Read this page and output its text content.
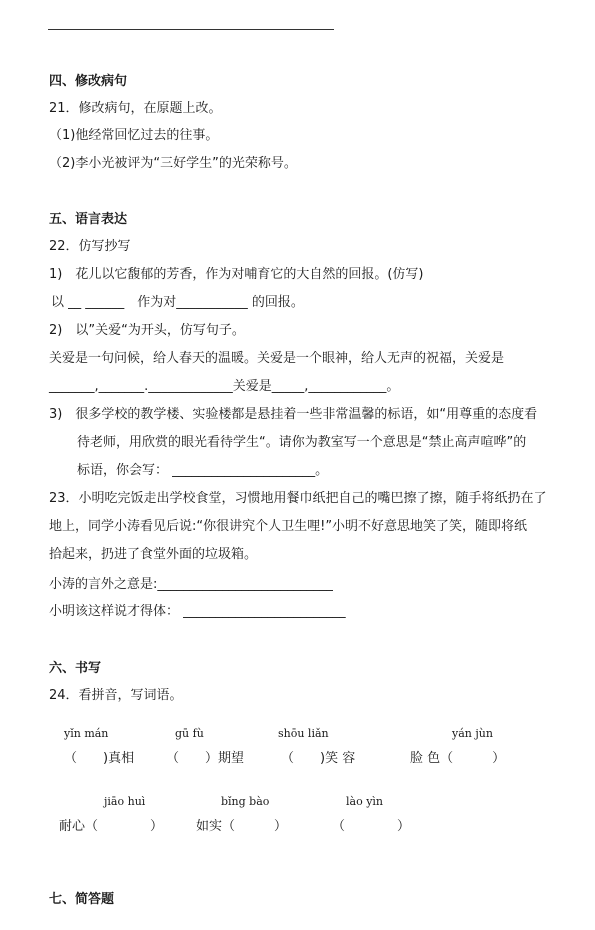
四、修改病句
21．修改病句，在原题上改。
（1)他经常回忆过去的往事。
（2)李小光被评为“三好学生”的光荣称号。
五、语言表达
22．仿写抄写
1)　花儿以它馥郁的芳香，作为对哺育它的大自然的回报。(仿写)
以 __ ______　作为对___________ 的回报。
2)　以”关爱“为开头，仿写句子。
关爱是一句问候，给人春天的温暖。关爱是一个眼神，给人无声的祝福，关爱是
_______,_______._____________关爱是_____,____________。
3)　很多学校的教学楼、实验楼都是悬挂着一些非常温馨的标语，如“用尊重的态度看
待老师，用欣赏的眼光看待学生“。请你为教室写一个意思是“禁止高声喧哗”的
标语，你会写： ______________________。
23．小明吃完饭走出学校食堂，习惯地用餐巾纸把自己的嘴巴擦了擦，随手将纸扔在了
地上，同学小涛看见后说:“你很讲究个人卫生哩!”小明不好意思地笑了笑，随即将纸
拾起来，扔进了食堂外面的垃圾箱。
小涛的言外之意是:___________________________
小明该这样说才得体： _________________________
六、书写
24．看拼音，写词语。
yǐn mán	gū fù	shōu liǎn	yán jùn
（　　)真相 （　　）期望	（　　)笑 容	脸 色（　　　）
jiāo huì	bǐng bào	lào yìn
耐心（　　　　）	如实（　　　）	（　　　　）
七、简答题
